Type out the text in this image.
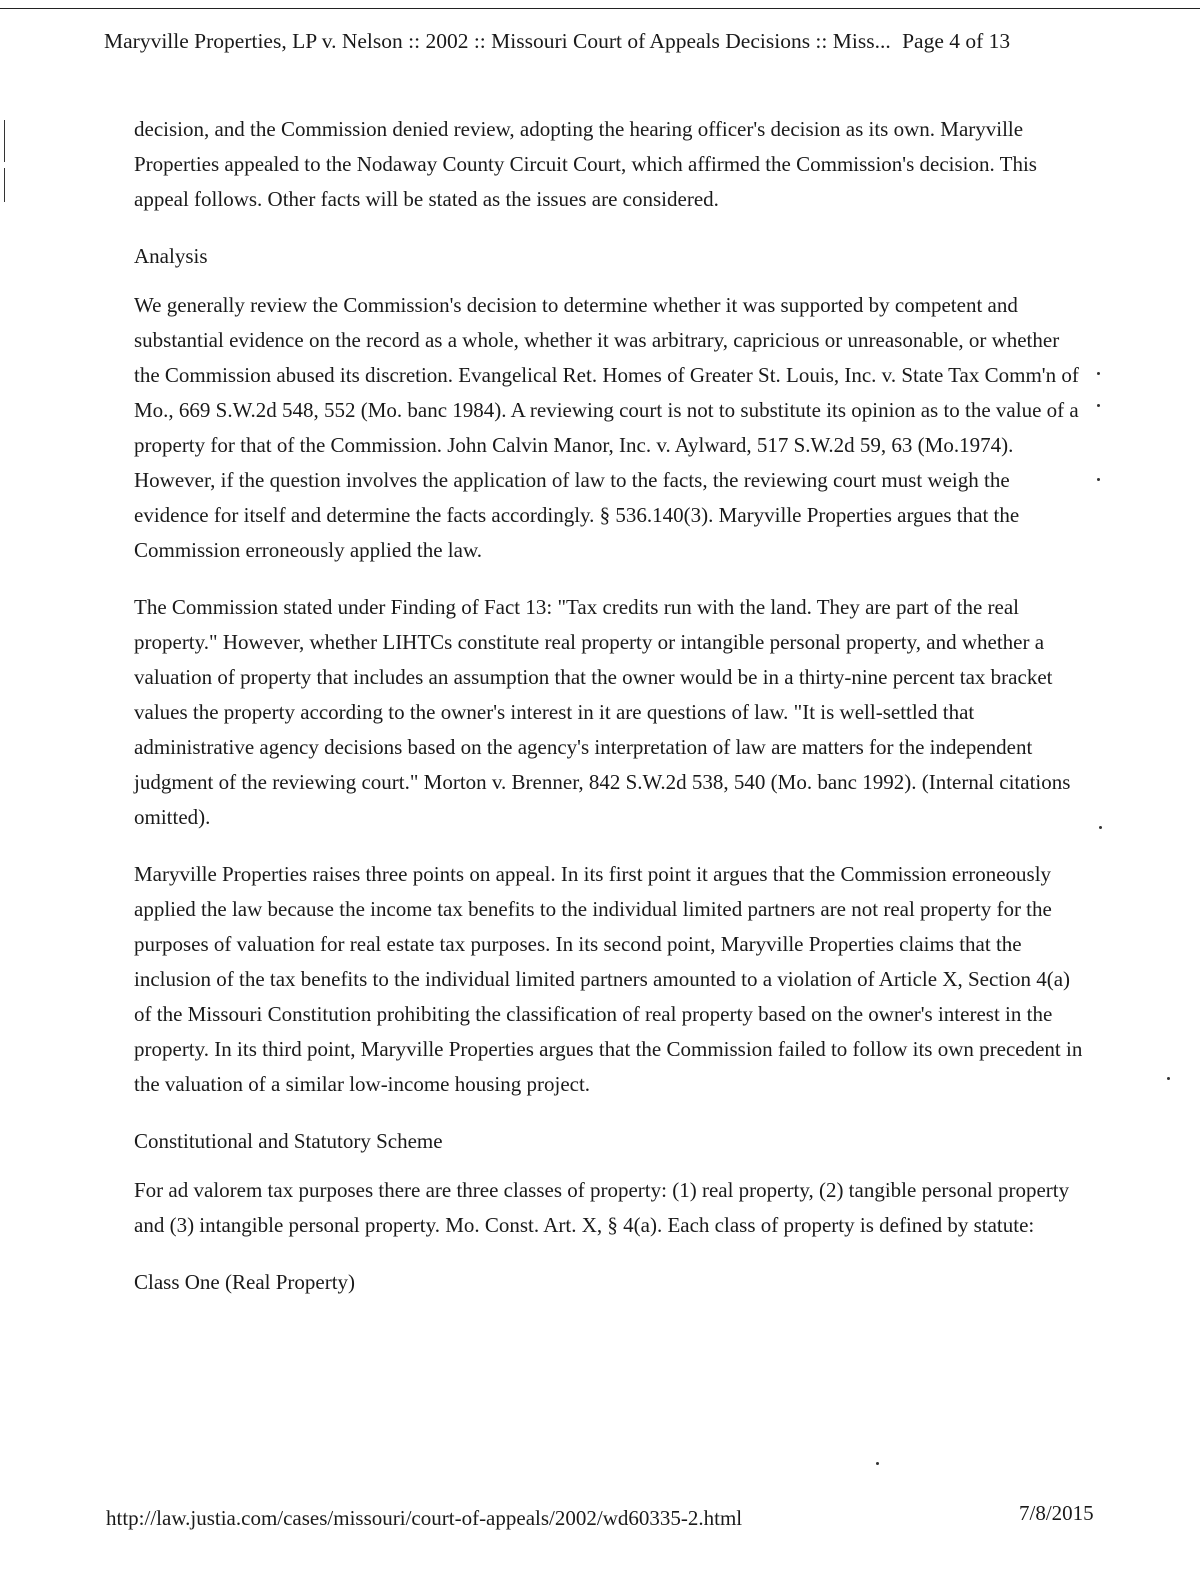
Maryville Properties, LP v. Nelson :: 2002 :: Missouri Court of Appeals Decisions :: Miss... Page 4 of 13

decision, and the Commission denied review, adopting the hearing officer's decision as its own. Maryville Properties appealed to the Nodaway County Circuit Court, which affirmed the Commission's decision. This appeal follows. Other facts will be stated as the issues are considered.

Analysis

We generally review the Commission's decision to determine whether it was supported by competent and substantial evidence on the record as a whole, whether it was arbitrary, capricious or unreasonable, or whether the Commission abused its discretion. Evangelical Ret. Homes of Greater St. Louis, Inc. v. State Tax Comm'n of Mo., 669 S.W.2d 548, 552 (Mo. banc 1984). A reviewing court is not to substitute its opinion as to the value of a property for that of the Commission. John Calvin Manor, Inc. v. Aylward, 517 S.W.2d 59, 63 (Mo.1974). However, if the question involves the application of law to the facts, the reviewing court must weigh the evidence for itself and determine the facts accordingly. § 536.140(3). Maryville Properties argues that the Commission erroneously applied the law.

The Commission stated under Finding of Fact 13: "Tax credits run with the land. They are part of the real property." However, whether LIHTCs constitute real property or intangible personal property, and whether a valuation of property that includes an assumption that the owner would be in a thirty-nine percent tax bracket values the property according to the owner's interest in it are questions of law. "It is well-settled that administrative agency decisions based on the agency's interpretation of law are matters for the independent judgment of the reviewing court." Morton v. Brenner, 842 S.W.2d 538, 540 (Mo. banc 1992). (Internal citations omitted).

Maryville Properties raises three points on appeal. In its first point it argues that the Commission erroneously applied the law because the income tax benefits to the individual limited partners are not real property for the purposes of valuation for real estate tax purposes. In its second point, Maryville Properties claims that the inclusion of the tax benefits to the individual limited partners amounted to a violation of Article X, Section 4(a) of the Missouri Constitution prohibiting the classification of real property based on the owner's interest in the property. In its third point, Maryville Properties argues that the Commission failed to follow its own precedent in the valuation of a similar low-income housing project.

Constitutional and Statutory Scheme

For ad valorem tax purposes there are three classes of property: (1) real property, (2) tangible personal property and (3) intangible personal property. Mo. Const. Art. X, § 4(a). Each class of property is defined by statute:

Class One (Real Property)

http://law.justia.com/cases/missouri/court-of-appeals/2002/wd60335-2.html	7/8/2015
